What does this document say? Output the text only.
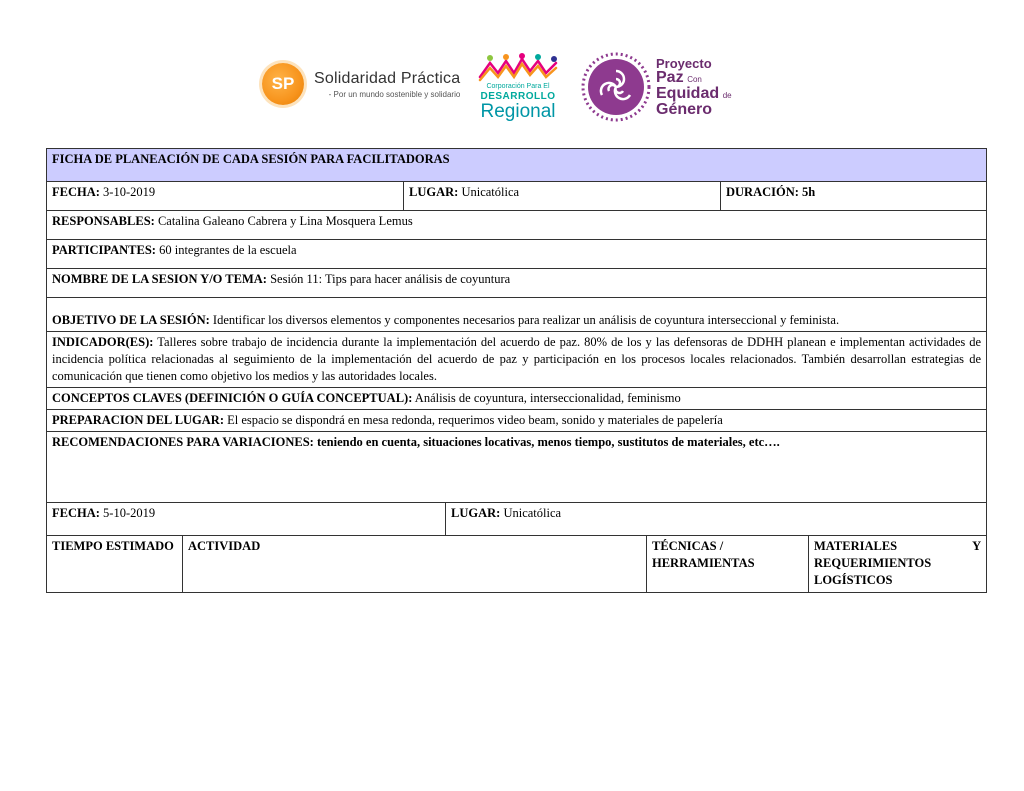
SP	Solidaridad Práctica
- Por un mundo sostenible y solidario
Corporación Para El
DESARROLLO
Regional
Proyecto
Paz Con
Equidad de
Género
FICHA DE PLANEACIÓN DE CADA SESIÓN PARA FACILITADORAS						
FECHA: 3-10-2019		LUGAR: Unicatólica			DURACIÓN: 5h	
RESPONSABLES: Catalina Galeano Cabrera y Lina Mosquera Lemus						
PARTICIPANTES: 60 integrantes de la escuela						
NOMBRE DE LA SESION Y/O TEMA: Sesión 11: Tips para hacer análisis de coyuntura						
OBJETIVO DE LA SESIÓN: Identificar los diversos elementos y componentes necesarios para realizar un análisis de coyuntura interseccional y feminista.						
INDICADOR(ES): Talleres sobre trabajo de incidencia durante la implementación del acuerdo de paz. 80% de los y las defensoras de DDHH planean e implementan actividades de incidencia política relacionadas al seguimiento de la implementación del acuerdo de paz y participación en los procesos locales relacionados. También desarrollan estrategias de comunicación que tienen como objetivo los medios y las autoridades locales.						
CONCEPTOS CLAVES (DEFINICIÓN O GUÍA CONCEPTUAL): Análisis de coyuntura, interseccionalidad, feminismo						
PREPARACION DEL LUGAR: El espacio se dispondrá en mesa redonda, requerimos video beam, sonido y materiales de papelería						
RECOMENDACIONES PARA VARIACIONES: teniendo en cuenta, situaciones locativas, menos tiempo, sustitutos de materiales, etc….						
FECHA: 5-10-2019			LUGAR: Unicatólica			
TIEMPO ESTIMADO	ACTIVIDAD			TÉCNICAS / HERRAMIENTAS		MATERIALES Y REQUERIMIENTOS LOGÍSTICOS
